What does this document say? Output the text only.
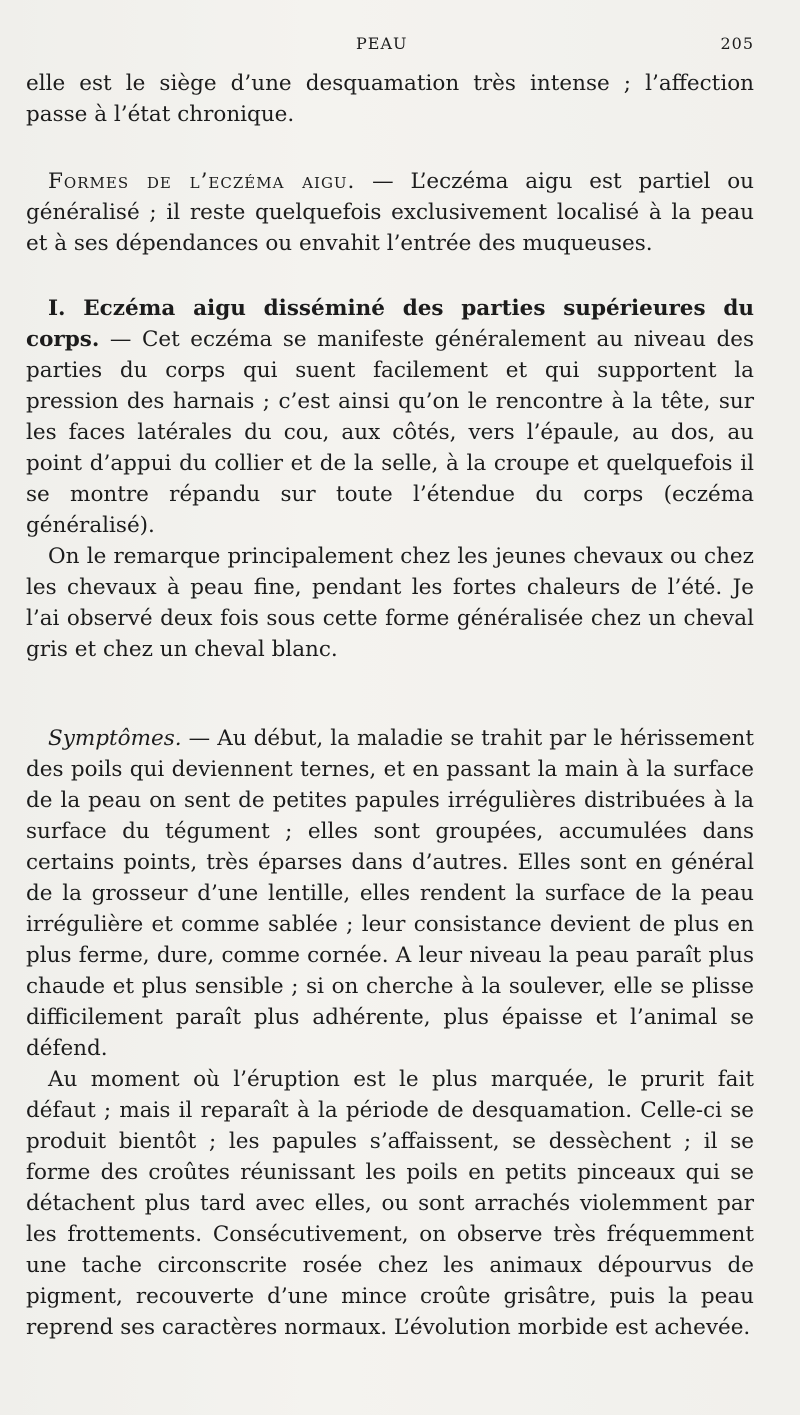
PEAU	205

elle est le siège d’une desquamation très intense ; l’affection passe à l’état chronique.

Formes de l’eczéma aigu. — L’eczéma aigu est partiel ou généralisé ; il reste quelquefois exclusivement localisé à la peau et à ses dépendances ou envahit l’entrée des muqueuses.

I. Eczéma aigu disséminé des parties supérieures du corps. — Cet eczéma se manifeste généralement au niveau des parties du corps qui suent facilement et qui supportent la pression des harnais ; c’est ainsi qu’on le rencontre à la tête, sur les faces latérales du cou, aux côtés, vers l’épaule, au dos, au point d’appui du collier et de la selle, à la croupe et quelquefois il se montre répandu sur toute l’étendue du corps (eczéma généralisé).

On le remarque principalement chez les jeunes chevaux ou chez les chevaux à peau fine, pendant les fortes chaleurs de l’été. Je l’ai observé deux fois sous cette forme généralisée chez un cheval gris et chez un cheval blanc.

Symptômes. — Au début, la maladie se trahit par le hérissement des poils qui deviennent ternes, et en passant la main à la surface de la peau on sent de petites papules irrégulières distribuées à la surface du tégument ; elles sont groupées, accumulées dans certains points, très éparses dans d’autres. Elles sont en général de la grosseur d’une lentille, elles rendent la surface de la peau irrégulière et comme sablée ; leur consistance devient de plus en plus ferme, dure, comme cornée. A leur niveau la peau paraît plus chaude et plus sensible ; si on cherche à la soulever, elle se plisse difficilement paraît plus adhérente, plus épaisse et l’animal se défend.

Au moment où l’éruption est le plus marquée, le prurit fait défaut ; mais il reparaît à la période de desquamation. Celle-ci se produit bientôt ; les papules s’affaissent, se dessèchent ; il se forme des croûtes réunissant les poils en petits pinceaux qui se détachent plus tard avec elles, ou sont arrachés violemment par les frottements. Consécutivement, on observe très fréquemment une tache circonscrite rosée chez les animaux dépourvus de pigment, recouverte d’une mince croûte grisâtre, puis la peau reprend ses caractères normaux. L’évolution morbide est achevée.
